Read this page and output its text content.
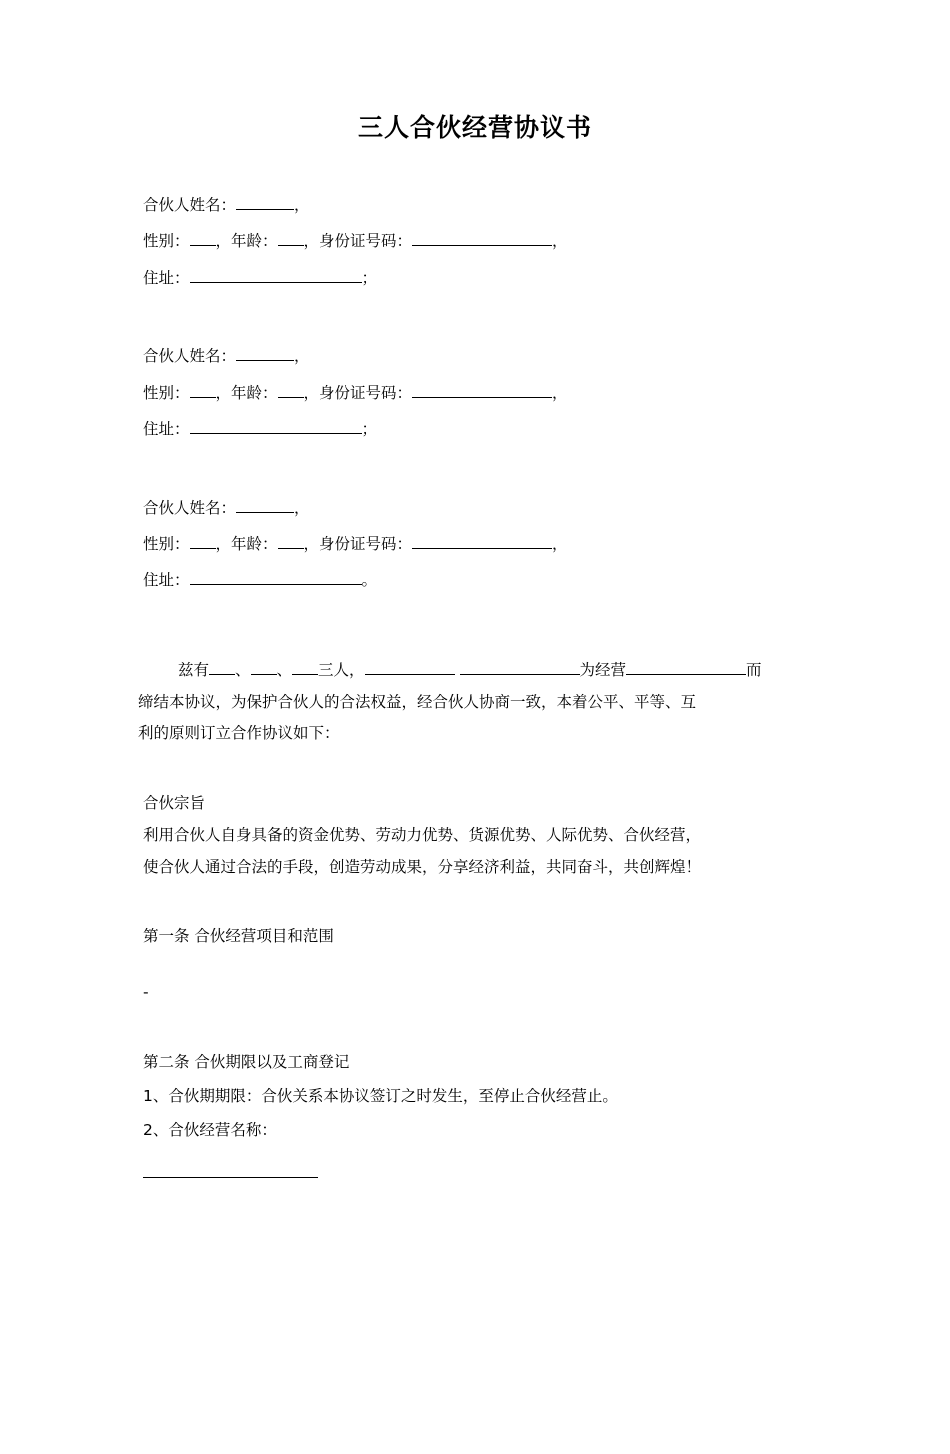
三人合伙经营协议书
合伙人姓名：	，
性别： ，年龄： ，身份证号码：	，
住址：	；
合伙人姓名：	，
性别： ，年龄： ，身份证号码：	，
住址：	；
合伙人姓名：	，
性别： ，年龄： ，身份证号码：	，
住址：	。
兹有 、 、 三人，	为经营	而
缔结本协议，为保护合伙人的合法权益，经合伙人协商一致，本着公平、平等、互
利的原则订立合作协议如下：

合伙宗旨

利用合伙人自身具备的资金优势、劳动力优势、货源优势、人际优势、合伙经营，

使合伙人通过合法的手段，创造劳动成果，分享经济利益，共同奋斗，共创辉煌！

第一条 合伙经营项目和范围

-

第二条 合伙期限以及工商登记

1、合伙期期限：合伙关系本协议签订之时发生，至停止合伙经营止。
2、合伙经营名称：
